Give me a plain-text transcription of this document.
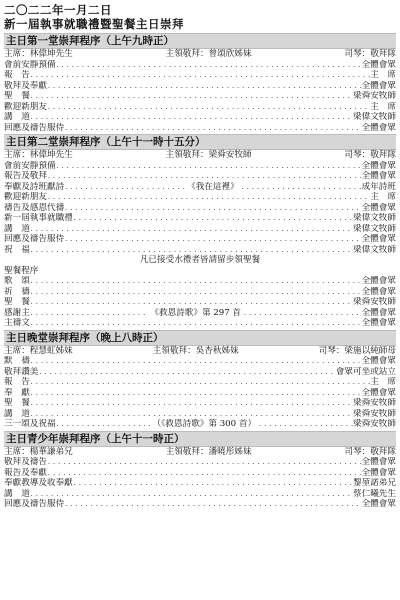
二〇二二年一月二日
新一屆執事就職禮暨聖餐主日崇拜
主日第一堂崇拜程序（上午九時正）
主席：林偉坤先生	主領敬拜：曾頌欣姊妹	司琴：敬拜隊
會前安靜預備 .....	全體會眾
報　告 .....	主　席
敬拜及奉獻 .....	全體會眾
聖　餐 .....	梁舜安牧師
歡迎新朋友 .....	主　席
講　道 .....	梁偉文牧師
回應及禱告服侍 .....	全體會眾
主日第二堂崇拜程序（上午十一時十五分）
主席：林偉坤先生	主領敬拜：梁舜安牧師	司琴：敬拜隊
會前安靜預備 .....	全體會眾
報告及敬拜 .....	全體會眾
奉獻及詩班獻詩 .....	《我在這裡》 .....	成年詩班
歡迎新朋友 .....	主　席
禱告及感恩代禱 .....	全體會眾
新一屆執事就職禮 .....	梁偉文牧師
講　道 .....	梁偉文牧師
回應及禱告服侍 .....	全體會眾
祝　福 .....	梁偉文牧師
凡已接受水禮者皆請留步領聖餐
聖餐程序
歌　頌 .....	全體會眾
祈　禱 .....	全體會眾
聖　餐 .....	梁舜安牧師
感謝主 .....	《救恩詩歌》第 297 首 .....	全體會眾
主禱文 .....	全體會眾
主日晚堂崇拜程序（晚上八時正）
主席：程慧虹姊妹	主領敬拜：吳杏秋姊妹	司琴：梁施以純師母
默　禱 .....	全體會眾
敬拜讚美 .....	會眾可坐或站立
報　告 .....	主　席
奉　獻 .....	全體會眾
聖　餐 .....	梁舜安牧師
講　道 .....	梁舜安牧師
三一頌及祝福 .....	（《救恩詩歌》第 300 首） .....	梁舜安牧師
主日青少年崇拜程序（上午十一時正）
主席：楊華謙弟兄	主領敬拜：潘曉彤姊妹	司琴：敬拜隊
敬拜及禱告 .....	全體會眾
報告及奉獻 .....	全體會眾
奉獻教導及收奉獻 .....	黎堃諾弟兄
講　道 .....	蔡仁曦先生
回應及禱告服侍 .....	全體會眾
